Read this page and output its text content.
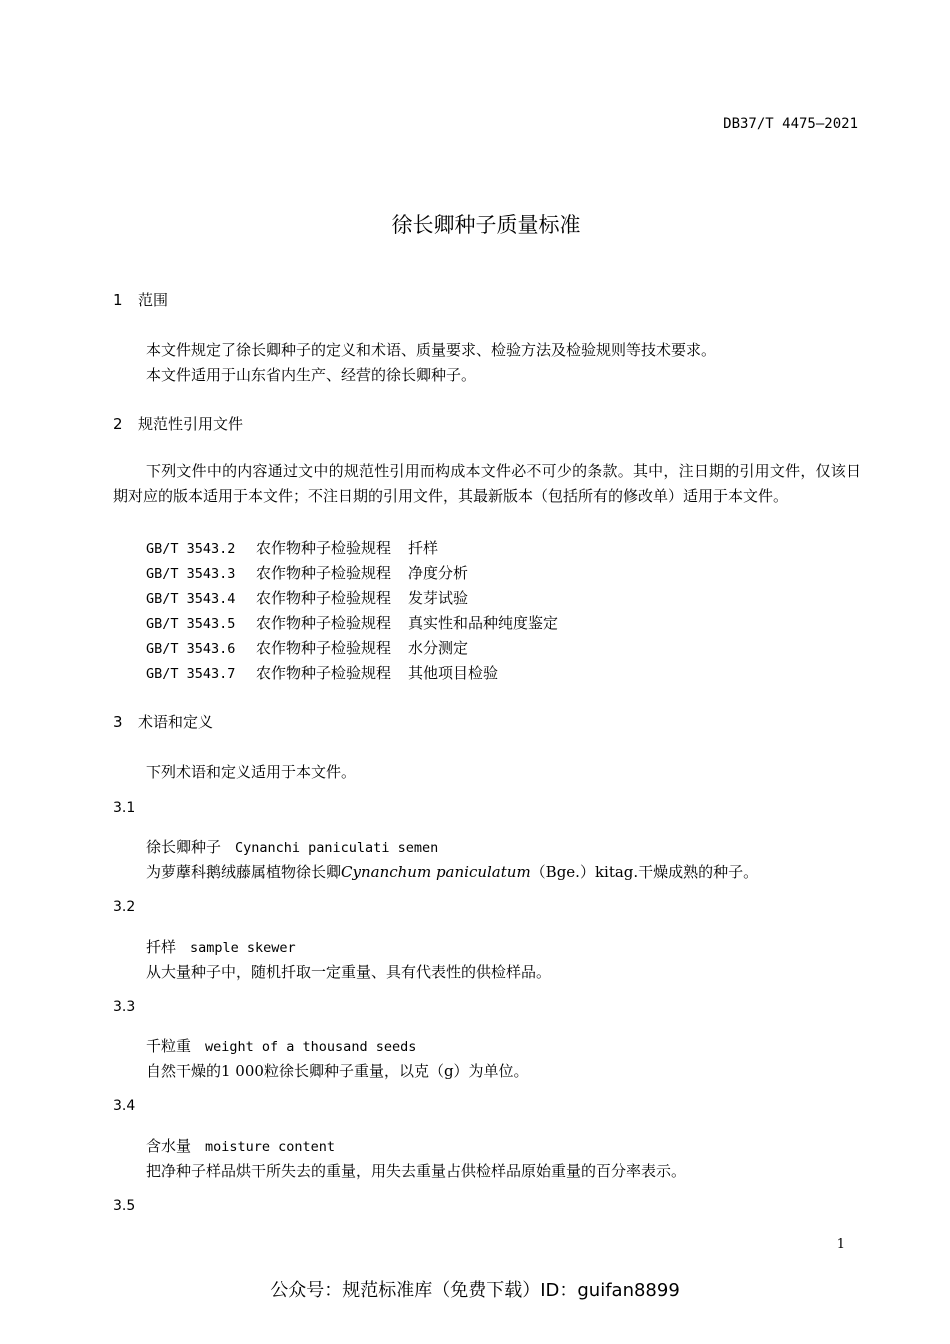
DB37/T 4475—2021
徐长卿种子质量标准
1 范围
本文件规定了徐长卿种子的定义和术语、质量要求、检验方法及检验规则等技术要求。
本文件适用于山东省内生产、经营的徐长卿种子。
2 规范性引用文件
下列文件中的内容通过文中的规范性引用而构成本文件必不可少的条款。其中，注日期的引用文件，仅该日期对应的版本适用于本文件；不注日期的引用文件，其最新版本（包括所有的修改单）适用于本文件。
GB/T 3543.2 农作物种子检验规程 扦样
GB/T 3543.3 农作物种子检验规程 净度分析
GB/T 3543.4 农作物种子检验规程 发芽试验
GB/T 3543.5 农作物种子检验规程 真实性和品种纯度鉴定
GB/T 3543.6 农作物种子检验规程 水分测定
GB/T 3543.7 农作物种子检验规程 其他项目检验
3 术语和定义
下列术语和定义适用于本文件。
3.1
徐长卿种子 Cynanchi paniculati semen
为萝藦科鹅绒藤属植物徐长卿Cynanchum paniculatum（Bge.）kitag.干燥成熟的种子。
3.2
扦样 sample skewer
从大量种子中，随机扦取一定重量、具有代表性的供检样品。
3.3
千粒重 weight of a thousand seeds
自然干燥的1 000粒徐长卿种子重量，以克（g）为单位。
3.4
含水量 moisture content
把净种子样品烘干所失去的重量，用失去重量占供检样品原始重量的百分率表示。
3.5
1
公众号：规范标准库（免费下载）ID：guifan8899
